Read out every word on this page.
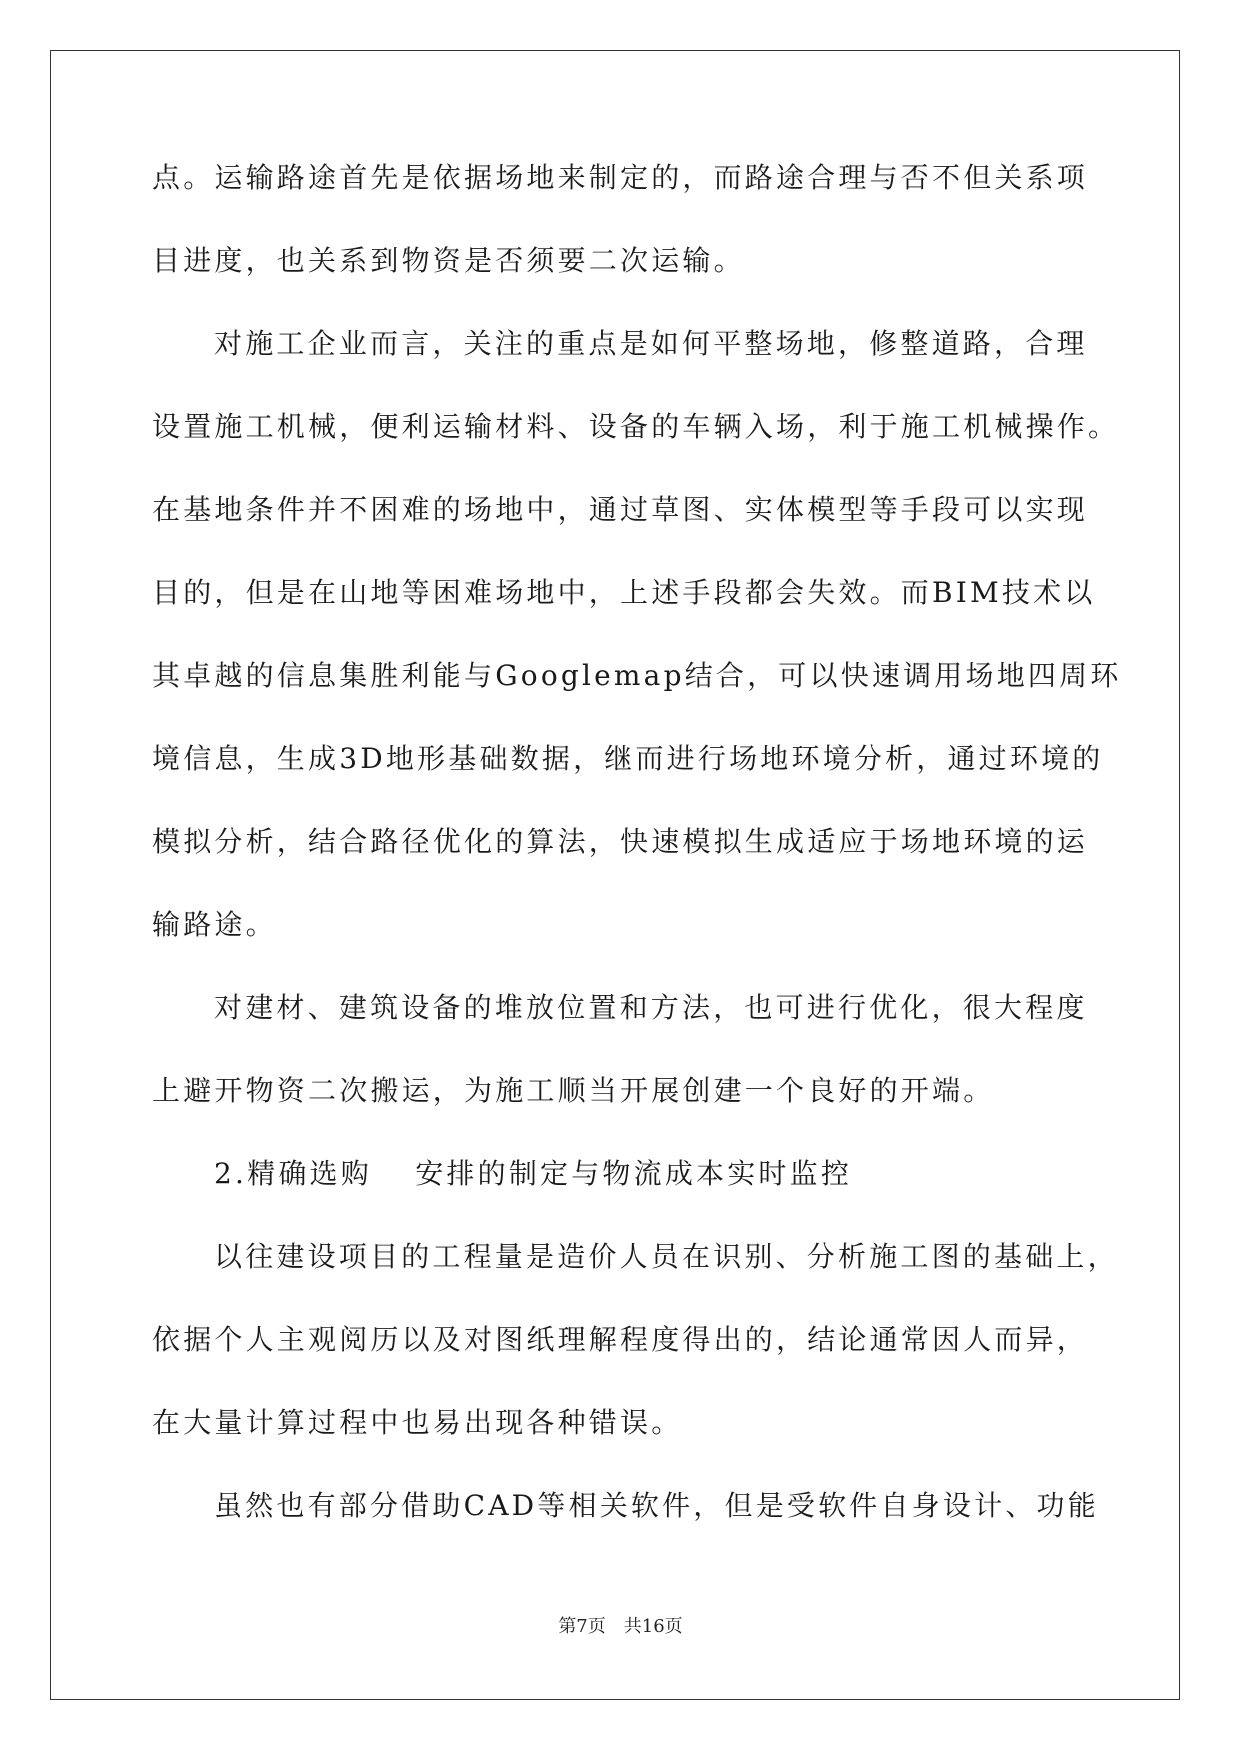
点。运输路途首先是依据场地来制定的，而路途合理与否不但关系项
目进度，也关系到物资是否须要二次运输。
对施工企业而言，关注的重点是如何平整场地，修整道路，合理
设置施工机械，便利运输材料、设备的车辆入场，利于施工机械操作。
在基地条件并不困难的场地中，通过草图、实体模型等手段可以实现
目的，但是在山地等困难场地中，上述手段都会失效。而BIM技术以
其卓越的信息集胜利能与Googlemap结合，可以快速调用场地四周环
境信息，生成3D地形基础数据，继而进行场地环境分析，通过环境的
模拟分析，结合路径优化的算法，快速模拟生成适应于场地环境的运
输路途。
对建材、建筑设备的堆放位置和方法，也可进行优化，很大程度
上避开物资二次搬运，为施工顺当开展创建一个良好的开端。
2.精确选购　 安排的制定与物流成本实时监控
以往建设项目的工程量是造价人员在识别、分析施工图的基础上，
依据个人主观阅历以及对图纸理解程度得出的，结论通常因人而异，
在大量计算过程中也易出现各种错误。
虽然也有部分借助CAD等相关软件，但是受软件自身设计、功能
第7页 共16页
